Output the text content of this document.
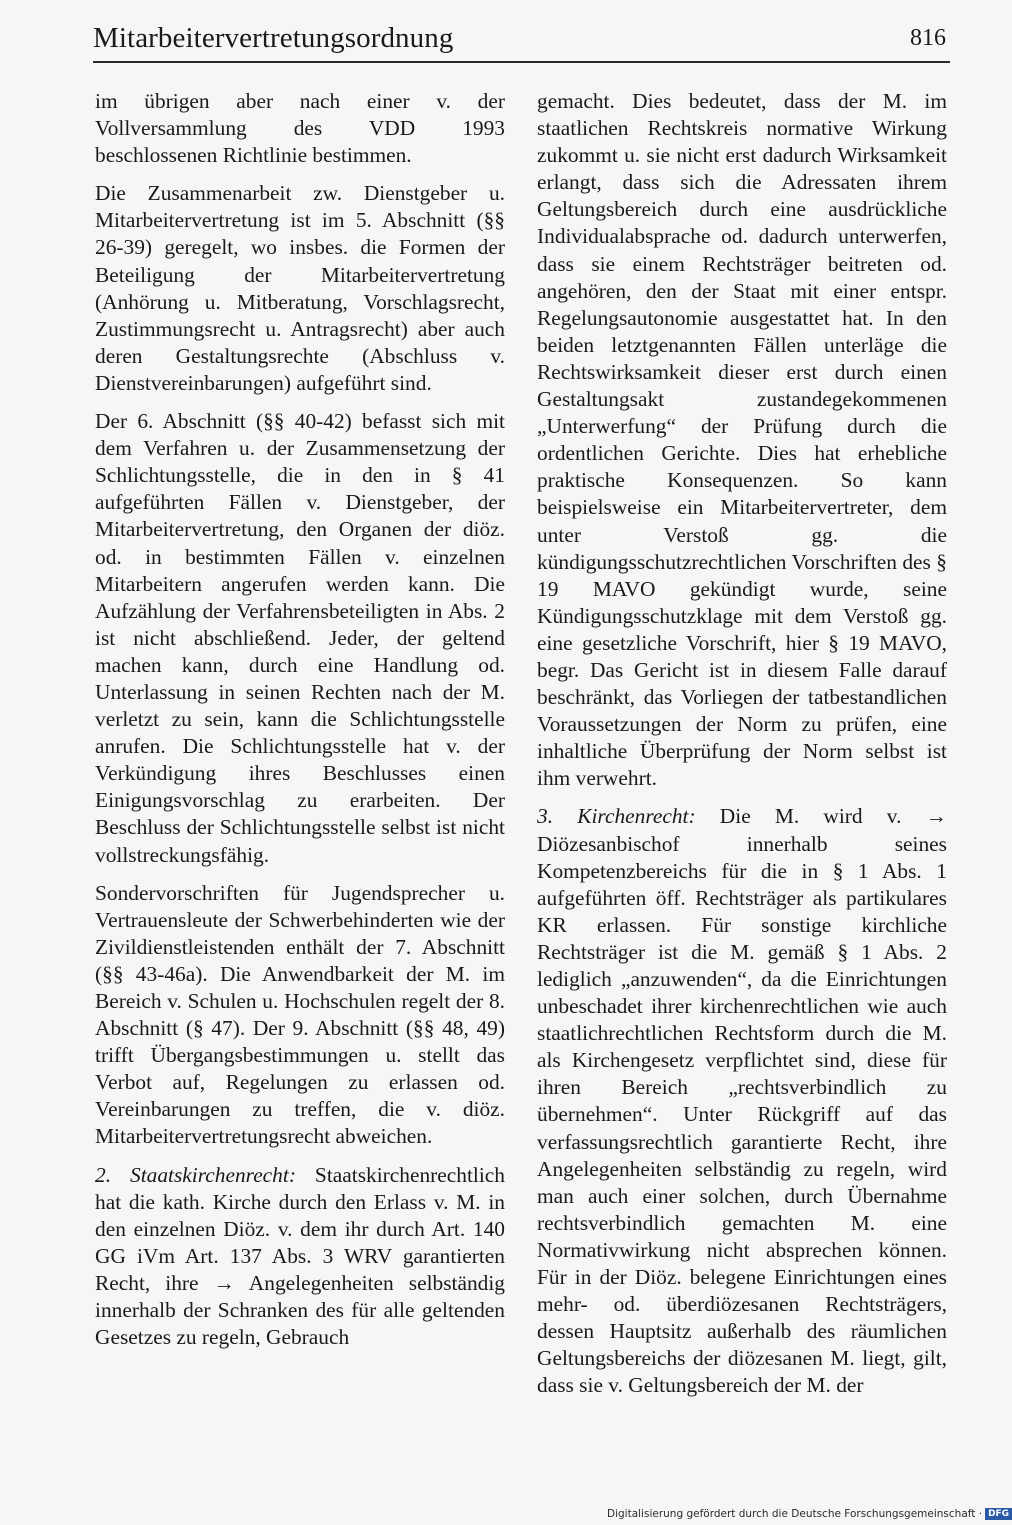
Mitarbeitervertretungsordnung	816

im übrigen aber nach einer v. der Vollversammlung des VDD 1993 beschlossenen Richtlinie bestimmen.

Die Zusammenarbeit zw. Dienstgeber u. Mitarbeitervertretung ist im 5. Abschnitt (§§ 26-39) geregelt, wo insbes. die Formen der Beteiligung der Mitarbeitervertretung (Anhörung u. Mitberatung, Vorschlagsrecht, Zustimmungsrecht u. Antragsrecht) aber auch deren Gestaltungsrechte (Abschluss v. Dienstvereinbarungen) aufgeführt sind.

Der 6. Abschnitt (§§ 40-42) befasst sich mit dem Verfahren u. der Zusammensetzung der Schlichtungsstelle, die in den in § 41 aufgeführten Fällen v. Dienstgeber, der Mitarbeitervertretung, den Organen der diöz. od. in bestimmten Fällen v. einzelnen Mitarbeitern angerufen werden kann. Die Aufzählung der Verfahrensbeteiligten in Abs. 2 ist nicht abschließend. Jeder, der geltend machen kann, durch eine Handlung od. Unterlassung in seinen Rechten nach der M. verletzt zu sein, kann die Schlichtungsstelle anrufen. Die Schlichtungsstelle hat v. der Verkündigung ihres Beschlusses einen Einigungsvorschlag zu erarbeiten. Der Beschluss der Schlichtungsstelle selbst ist nicht vollstreckungsfähig.

Sondervorschriften für Jugendsprecher u. Vertrauensleute der Schwerbehinderten wie der Zivildienstleistenden enthält der 7. Abschnitt (§§ 43-46a). Die Anwendbarkeit der M. im Bereich v. Schulen u. Hochschulen regelt der 8. Abschnitt (§ 47). Der 9. Abschnitt (§§ 48, 49) trifft Übergangsbestimmungen u. stellt das Verbot auf, Regelungen zu erlassen od. Vereinbarungen zu treffen, die v. diöz. Mitarbeitervertretungsrecht abweichen.

2. Staatskirchenrecht: Staatskirchenrechtlich hat die kath. Kirche durch den Erlass v. M. in den einzelnen Diöz. v. dem ihr durch Art. 140 GG iVm Art. 137 Abs. 3 WRV garantierten Recht, ihre → Angelegenheiten selbständig innerhalb der Schranken des für alle geltenden Gesetzes zu regeln, Gebrauch

gemacht. Dies bedeutet, dass der M. im staatlichen Rechtskreis normative Wirkung zukommt u. sie nicht erst dadurch Wirksamkeit erlangt, dass sich die Adressaten ihrem Geltungsbereich durch eine ausdrückliche Individualabsprache od. dadurch unterwerfen, dass sie einem Rechtsträger beitreten od. angehören, den der Staat mit einer entspr. Regelungsautonomie ausgestattet hat. In den beiden letztgenannten Fällen unterläge die Rechtswirksamkeit dieser erst durch einen Gestaltungsakt zustandegekommenen „Unterwerfung“ der Prüfung durch die ordentlichen Gerichte. Dies hat erhebliche praktische Konsequenzen. So kann beispielsweise ein Mitarbeitervertreter, dem unter Verstoß gg. die kündigungsschutzrechtlichen Vorschriften des § 19 MAVO gekündigt wurde, seine Kündigungsschutzklage mit dem Verstoß gg. eine gesetzliche Vorschrift, hier § 19 MAVO, begr. Das Gericht ist in diesem Falle darauf beschränkt, das Vorliegen der tatbestandlichen Voraussetzungen der Norm zu prüfen, eine inhaltliche Überprüfung der Norm selbst ist ihm verwehrt.

3. Kirchenrecht: Die M. wird v. → Diözesanbischof innerhalb seines Kompetenzbereichs für die in § 1 Abs. 1 aufgeführten öff. Rechtsträger als partikulares KR erlassen. Für sonstige kirchliche Rechtsträger ist die M. gemäß § 1 Abs. 2 lediglich „anzuwenden“, da die Einrichtungen unbeschadet ihrer kirchenrechtlichen wie auch staatlichrechtlichen Rechtsform durch die M. als Kirchengesetz verpflichtet sind, diese für ihren Bereich „rechtsverbindlich zu übernehmen“. Unter Rückgriff auf das verfassungsrechtlich garantierte Recht, ihre Angelegenheiten selbständig zu regeln, wird man auch einer solchen, durch Übernahme rechtsverbindlich gemachten M. eine Normativwirkung nicht absprechen können. Für in der Diöz. belegene Einrichtungen eines mehr- od. überdiözesanen Rechtsträgers, dessen Hauptsitz außerhalb des räumlichen Geltungsbereichs der diözesanen M. liegt, gilt, dass sie v. Geltungsbereich der M. der

Digitalisierung gefördert durch die Deutsche Forschungsgemeinschaft · DFG
